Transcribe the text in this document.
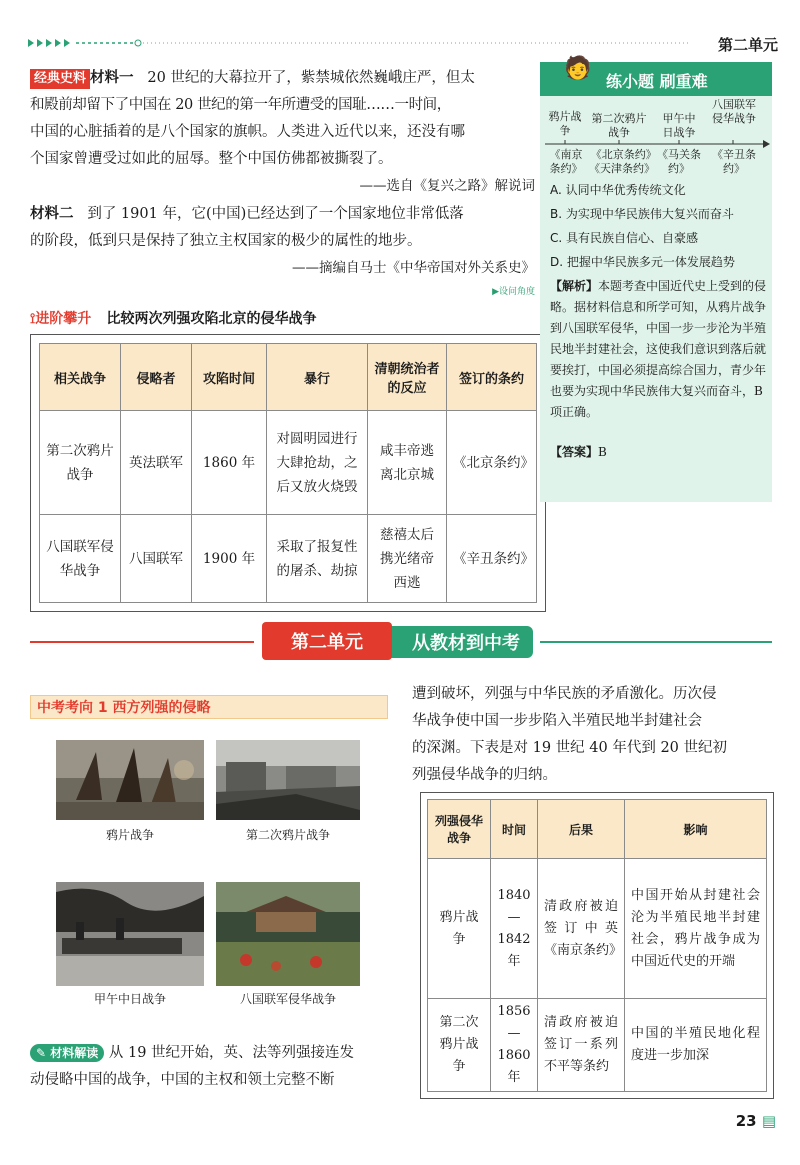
第二单元
经典史料 材料一 20 世纪的大幕拉开了，紫禁城依然巍峨庄严，但太
和殿前却留下了中国在 20 世纪的第一年所遭受的国耻……一时间，
中国的心脏插着的是八个国家的旗帜。人类进入近代以来，还没有哪
个国家曾遭受过如此的屈辱。整个中国仿佛都被撕裂了。
——选自《复兴之路》解说词
材料二 到了 1901 年，它(中国)已经达到了一个国家地位非常低落
的阶段，低到只是保持了独立主权国家的极少的属性的地步。
——摘编自马士《中华帝国对外关系史》
▶设问角度
⟟进阶攀升 比较两次列强攻陷北京的侵华战争
相关战争	侵略者	攻陷时间	暴行	清朝统治者的反应	签订的条约
第二次鸦片战争	英法联军	1860 年	对圆明园进行大肆抢劫，之后又放火烧毁	咸丰帝逃离北京城	《北京条约》
八国联军侵华战争	八国联军	1900 年	采取了报复性的屠杀、劫掠	慈禧太后携光绪帝西逃	《辛丑条约》
🧑
练小题 刷重难
鸦片战争
第二次鸦片战争
甲午中日战争
八国联军侵华战争
《南京条约》
《北京条约》《天津条约》
《马关条约》
《辛丑条约》
A. 认同中华优秀传统文化
B. 为实现中华民族伟大复兴而奋斗
C. 具有民族自信心、自豪感
D. 把握中华民族多元一体发展趋势
【解析】本题考查中国近代史上受到的侵略。据材料信息和所学可知，从鸦片战争到八国联军侵华，中国一步一步沦为半殖民地半封建社会，这使我们意识到落后就要挨打，中国必须提高综合国力，青少年也要为实现中华民族伟大复兴而奋斗，B 项正确。
【答案】B
从教材到中考
第二单元
中考考向 1 西方列强的侵略
鸦片战争	第二次鸦片战争
甲午中日战争	八国联军侵华战争
✎ 材料解读 从 19 世纪开始，英、法等列强接连发
动侵略中国的战争，中国的主权和领土完整不断
遭到破坏，列强与中华民族的矛盾激化。历次侵
华战争使中国一步步陷入半殖民地半封建社会
的深渊。下表是对 19 世纪 40 年代到 20 世纪初
列强侵华战争的归纳。
列强侵华战争	时间	后果	影响
鸦片战争	1840—1842 年	清政府被迫签订中英《南京条约》	中国开始从封建社会沦为半殖民地半封建社会，鸦片战争成为中国近代史的开端
第二次鸦片战争	1856—1860 年	清政府被迫签订一系列不平等条约	中国的半殖民地化程度进一步加深
23 ▤
